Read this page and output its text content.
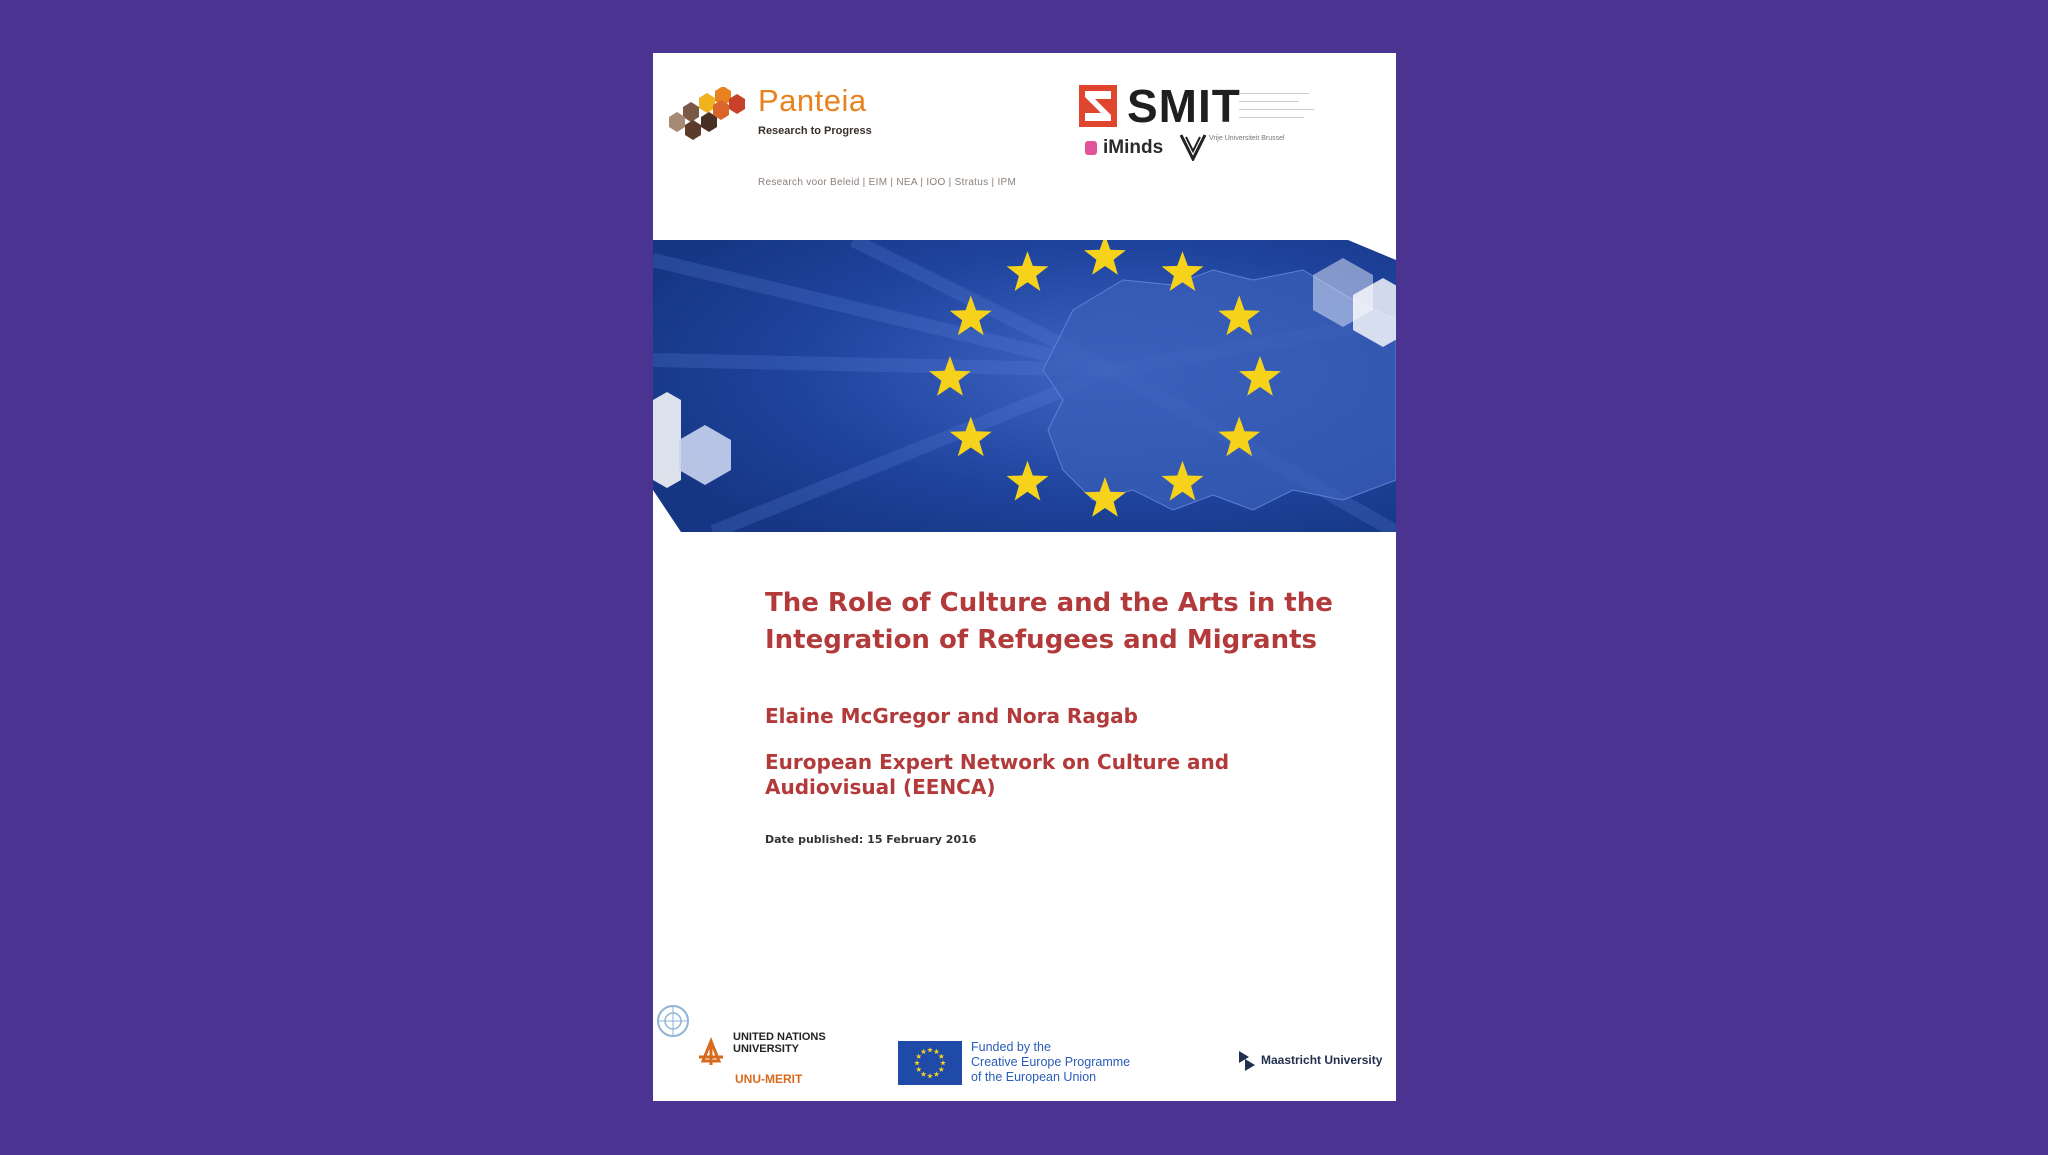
Panteia
Research to Progress
Research voor Beleid | EIM | NEA | IOO | Stratus | IPM
SMIT
iMinds	Vrije Universiteit Brussel
The Role of Culture and the Arts in the
Integration of Refugees and Migrants

Elaine McGregor and Nora Ragab

European Expert Network on Culture and
Audiovisual (EENCA)

Date published: 15 February 2016

UNITED NATIONS
UNIVERSITY
UNU-MERIT
Funded by the
Creative Europe Programme
of the European Union
Maastricht University
